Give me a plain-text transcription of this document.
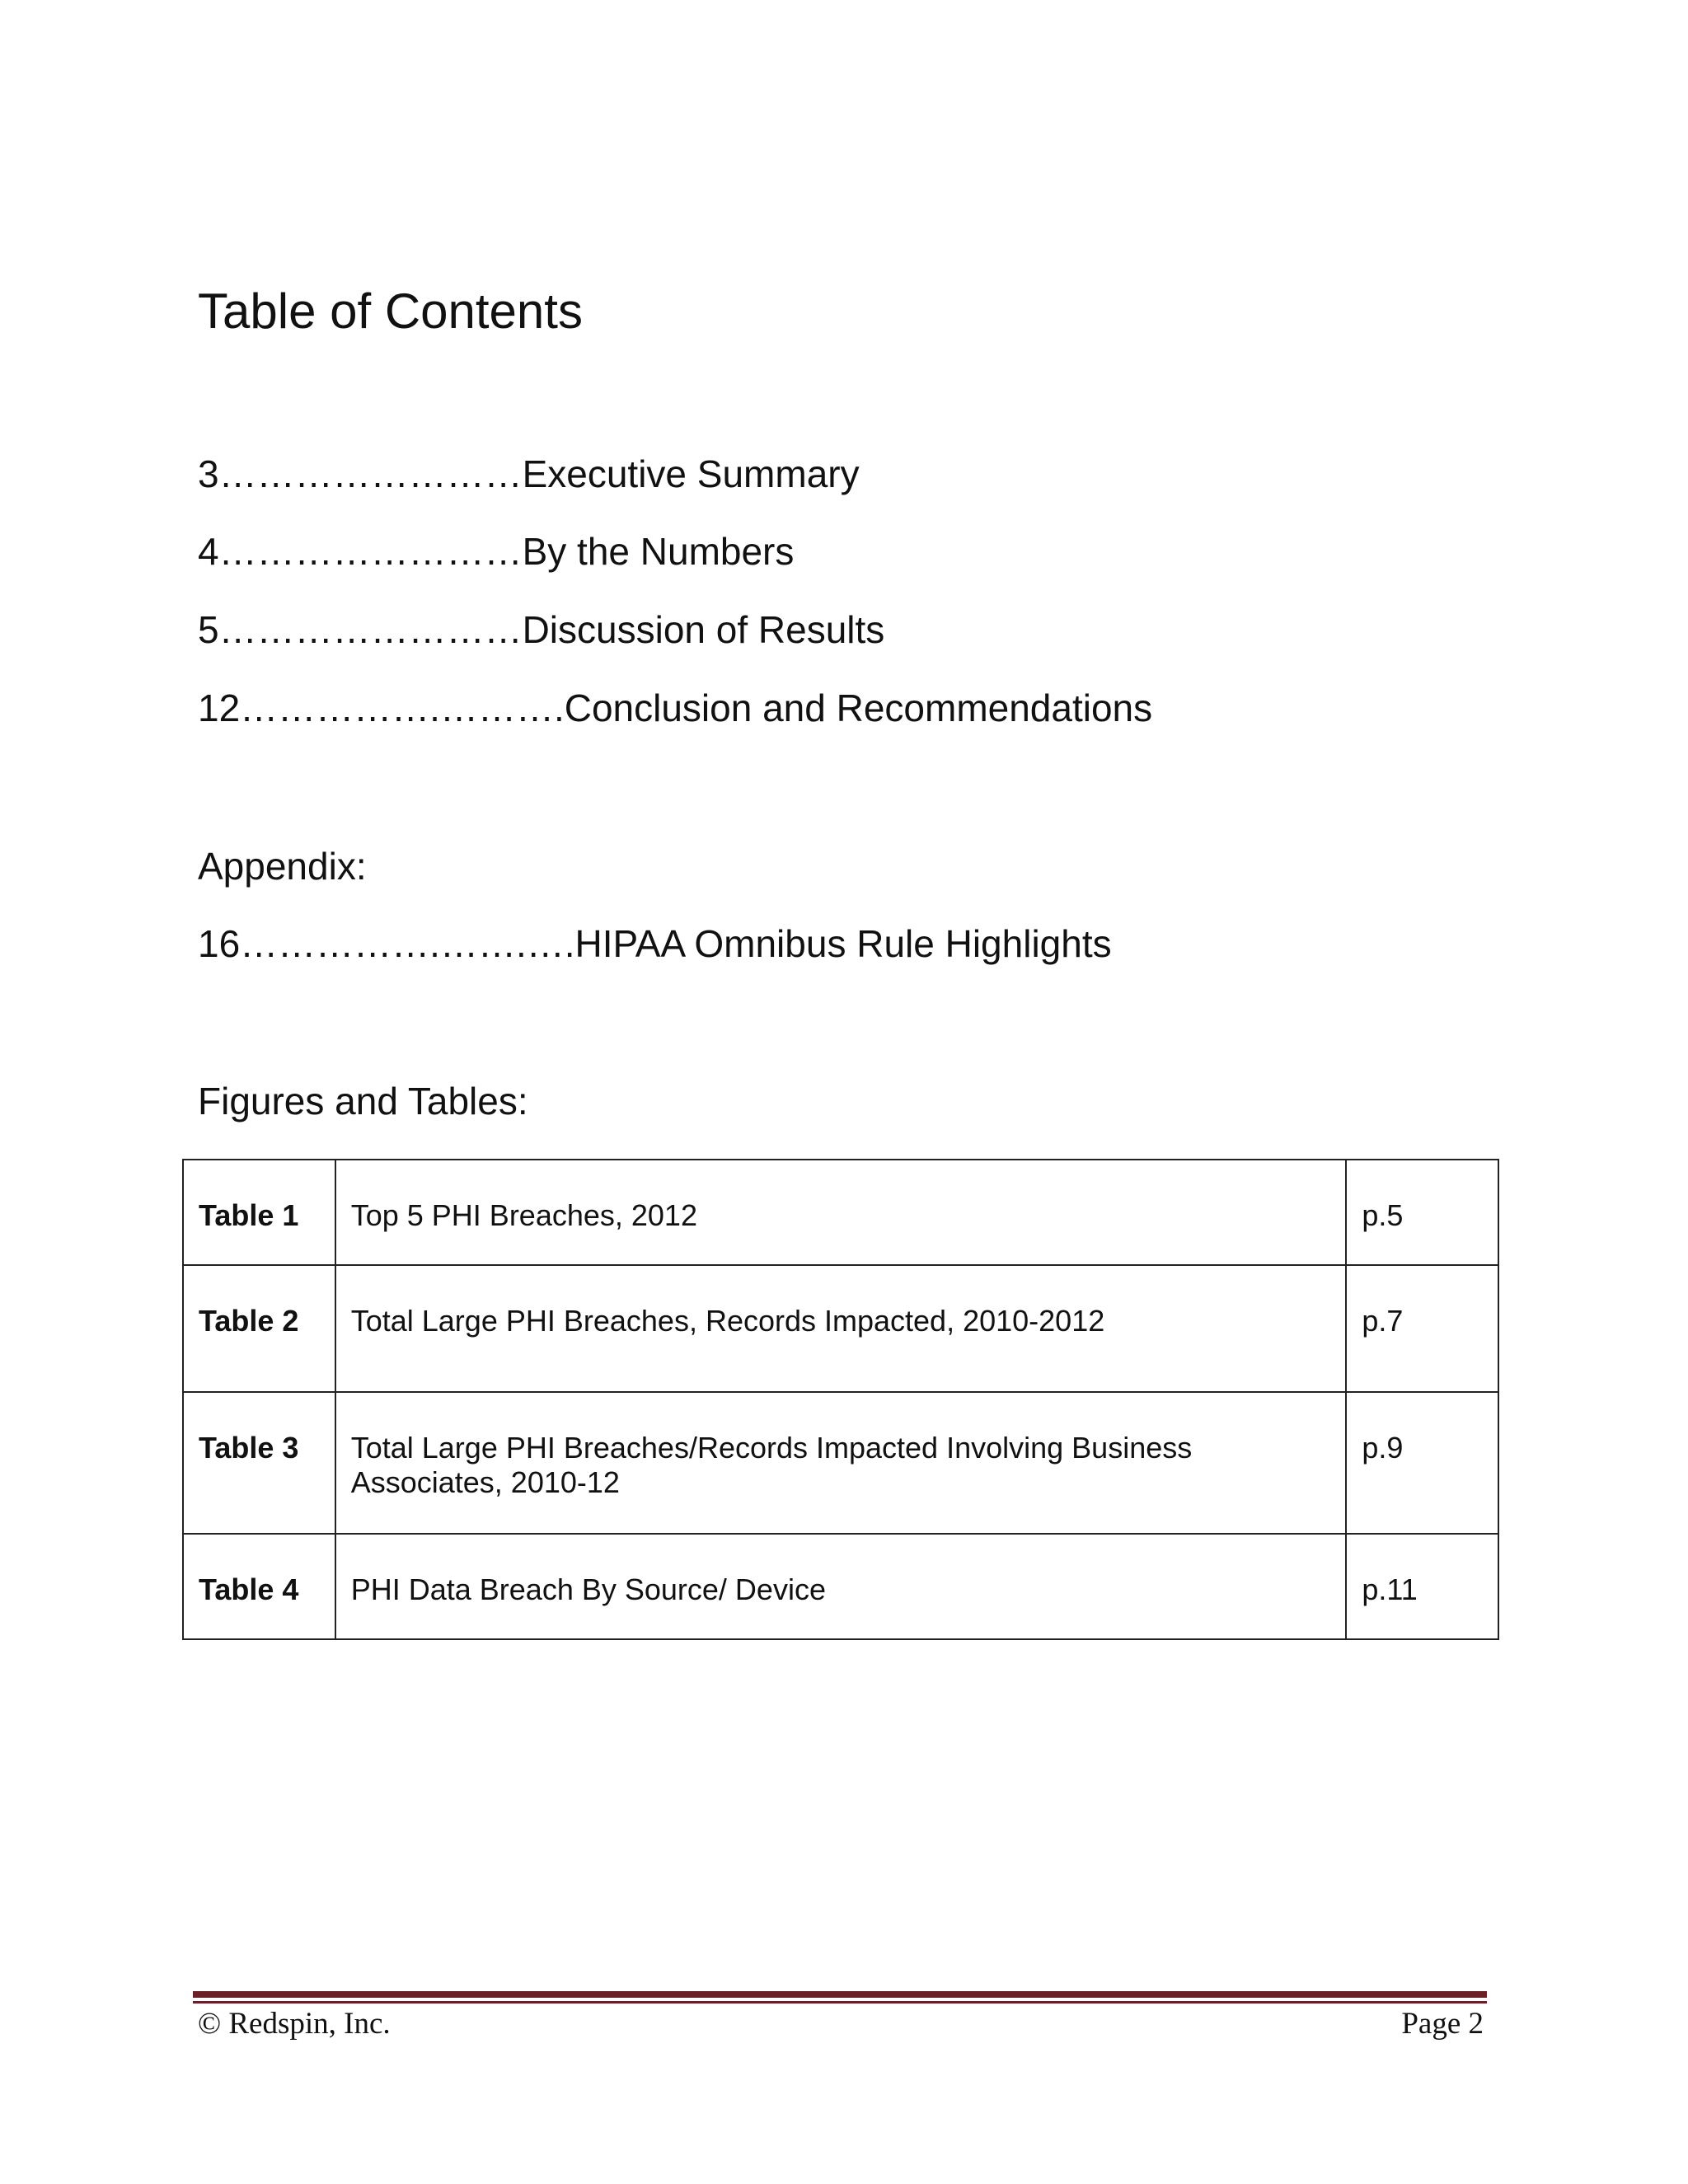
Table of Contents
3……………………Executive Summary
4……………………By the Numbers
5……………………Discussion of Results
12…………….……….Conclusion and Recommendations
Appendix:
16…………….…….….HIPAA Omnibus Rule Highlights
Figures and Tables:
Table 1	Top 5 PHI Breaches, 2012	p.5
Table 2	Total Large PHI Breaches, Records Impacted, 2010-2012	p.7
Table 3	Total Large PHI Breaches/Records Impacted Involving Business Associates, 2010-12	p.9
Table 4	PHI Data Breach By Source/ Device	p.11
© Redspin, Inc.	Page 2
